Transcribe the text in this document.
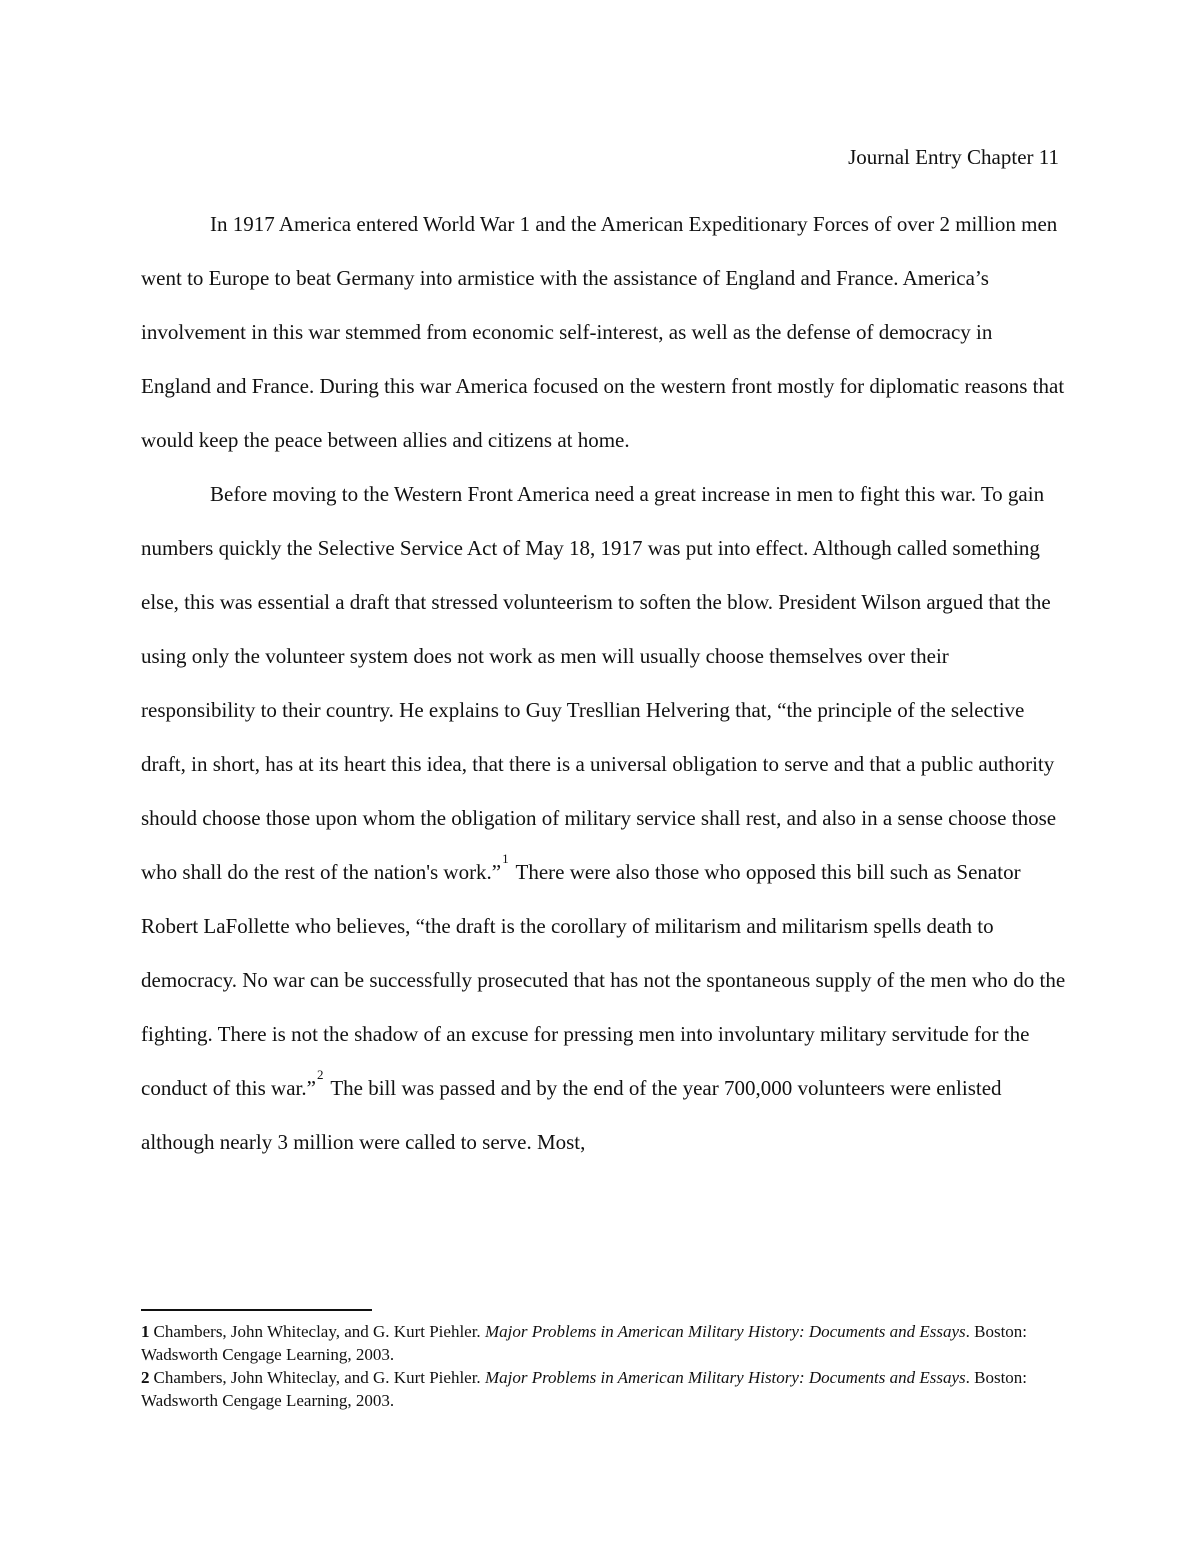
Journal Entry Chapter 11

In 1917 America entered World War 1 and the American Expeditionary Forces of over 2 million men went to Europe to beat Germany into armistice with the assistance of England and France. America’s involvement in this war stemmed from economic self-interest, as well as the defense of democracy in England and France. During this war America focused on the western front mostly for diplomatic reasons that would keep the peace between allies and citizens at home.

Before moving to the Western Front America need a great increase in men to fight this war. To gain numbers quickly the Selective Service Act of May 18, 1917 was put into effect. Although called something else, this was essential a draft that stressed volunteerism to soften the blow. President Wilson argued that the using only the volunteer system does not work as men will usually choose themselves over their responsibility to their country. He explains to Guy Tresllian Helvering that, “the principle of the selective draft, in short, has at its heart this idea, that there is a universal obligation to serve and that a public authority should choose those upon whom the obligation of military service shall rest, and also in a sense choose those who shall do the rest of the nation's work.”$^1$ There were also those who opposed this bill such as Senator Robert LaFollette who believes, “the draft is the corollary of militarism and militarism spells death to democracy. No war can be successfully prosecuted that has not the spontaneous supply of the men who do the fighting. There is not the shadow of an excuse for pressing men into involuntary military servitude for the conduct of this war.”$^2$ The bill was passed and by the end of the year 700,000 volunteers were enlisted although nearly 3 million were called to serve. Most,

1 Chambers, John Whiteclay, and G. Kurt Piehler. Major Problems in American Military History: Documents and Essays. Boston: Wadsworth Cengage Learning, 2003.

2 Chambers, John Whiteclay, and G. Kurt Piehler. Major Problems in American Military History: Documents and Essays. Boston: Wadsworth Cengage Learning, 2003.
